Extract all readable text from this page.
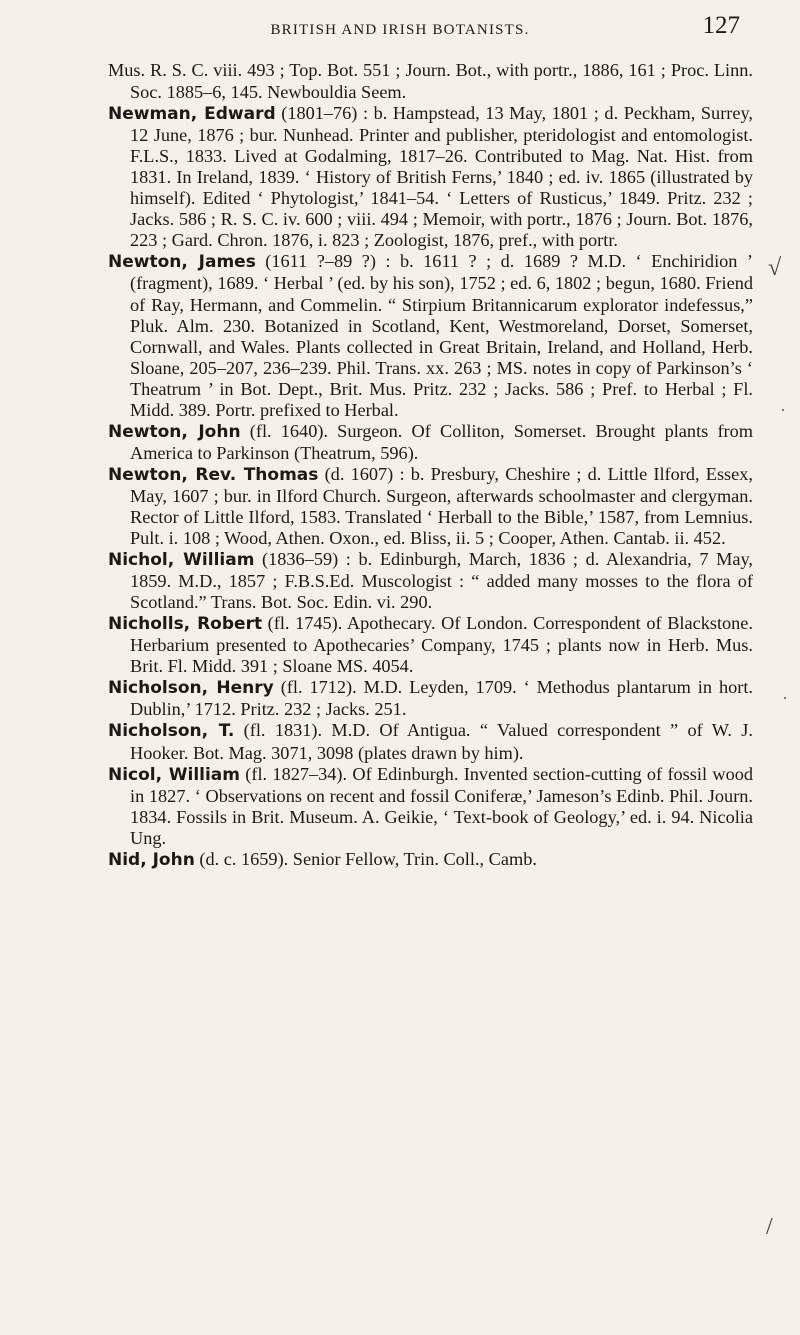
BRITISH AND IRISH BOTANISTS.	127

Mus. R. S. C. viii. 493 ; Top. Bot. 551 ; Journ. Bot., with portr., 1886, 161 ; Proc. Linn. Soc. 1885–6, 145. Newbouldia Seem.

Newman, Edward (1801–76) : b. Hampstead, 13 May, 1801 ; d. Peckham, Surrey, 12 June, 1876 ; bur. Nunhead. Printer and publisher, pteridologist and entomologist. F.L.S., 1833. Lived at Godalming, 1817–26. Contributed to Mag. Nat. Hist. from 1831. In Ireland, 1839. ‘ History of British Ferns,’ 1840 ; ed. iv. 1865 (illustrated by himself). Edited ‘ Phytologist,’ 1841–54. ‘ Letters of Rusticus,’ 1849. Pritz. 232 ; Jacks. 586 ; R. S. C. iv. 600 ; viii. 494 ; Memoir, with portr., 1876 ; Journ. Bot. 1876, 223 ; Gard. Chron. 1876, i. 823 ; Zoologist, 1876, pref., with portr.

Newton, James (1611 ?–89 ?) : b. 1611 ? ; d. 1689 ? M.D. ‘ Enchiridion ’ (fragment), 1689. ‘ Herbal ’ (ed. by his son), 1752 ; ed. 6, 1802 ; begun, 1680. Friend of Ray, Hermann, and Commelin. “ Stirpium Britannicarum explorator indefessus,” Pluk. Alm. 230. Botanized in Scotland, Kent, Westmoreland, Dorset, Somerset, Cornwall, and Wales. Plants collected in Great Britain, Ireland, and Holland, Herb. Sloane, 205–207, 236–239. Phil. Trans. xx. 263 ; MS. notes in copy of Parkinson’s ‘ Theatrum ’ in Bot. Dept., Brit. Mus. Pritz. 232 ; Jacks. 586 ; Pref. to Herbal ; Fl. Midd. 389. Portr. prefixed to Herbal.

Newton, John (fl. 1640). Surgeon. Of Colliton, Somerset. Brought plants from America to Parkinson (Theatrum, 596).

Newton, Rev. Thomas (d. 1607) : b. Presbury, Cheshire ; d. Little Ilford, Essex, May, 1607 ; bur. in Ilford Church. Surgeon, afterwards schoolmaster and clergyman. Rector of Little Ilford, 1583. Translated ‘ Herball to the Bible,’ 1587, from Lemnius. Pult. i. 108 ; Wood, Athen. Oxon., ed. Bliss, ii. 5 ; Cooper, Athen. Cantab. ii. 452.

Nichol, William (1836–59) : b. Edinburgh, March, 1836 ; d. Alexandria, 7 May, 1859. M.D., 1857 ; F.B.S.Ed. Muscologist : “ added many mosses to the flora of Scotland.” Trans. Bot. Soc. Edin. vi. 290.

Nicholls, Robert (fl. 1745). Apothecary. Of London. Correspondent of Blackstone. Herbarium presented to Apothecaries’ Company, 1745 ; plants now in Herb. Mus. Brit. Fl. Midd. 391 ; Sloane MS. 4054.

Nicholson, Henry (fl. 1712). M.D. Leyden, 1709. ‘ Methodus plantarum in hort. Dublin,’ 1712. Pritz. 232 ; Jacks. 251.

Nicholson, T. (fl. 1831). M.D. Of Antigua. “ Valued correspondent ” of W. J. Hooker. Bot. Mag. 3071, 3098 (plates drawn by him).

Nicol, William (fl. 1827–34). Of Edinburgh. Invented section-cutting of fossil wood in 1827. ‘ Observations on recent and fossil Coniferæ,’ Jameson’s Edinb. Phil. Journ. 1834. Fossils in Brit. Museum. A. Geikie, ‘ Text-book of Geology,’ ed. i. 94. Nicolia Ung.

Nid, John (d. c. 1659). Senior Fellow, Trin. Coll., Camb.

√
/
·
·
